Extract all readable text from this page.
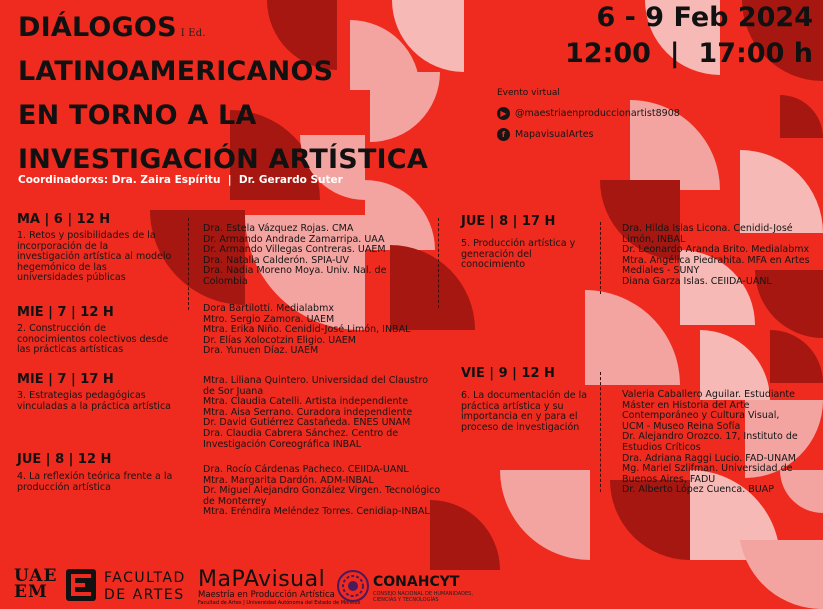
DIÁLOGOS $^{I Ed.}$
LATINOAMERICANOS
EN TORNO A LA
INVESTIGACIÓN ARTÍSTICA
6 - 9 Feb 2024
12:00  |  17:00 h
Evento virtual
▶ @maestriaenproduccionartist8908
f	MapavisualArtes
Coordinadorxs: Dra. Zaira Espíritu  |  Dr. Gerardo Suter
MA | 6 | 12 H
1. Retos y posibilidades de la
incorporación de la
investigación artística al modelo
hegemónico de las
universidades públicas
Dra. Estela Vázquez Rojas. CMA
Dr. Armando Andrade Zamarripa. UAA
Dr. Armando Villegas Contreras. UAEM
Dra. Natalia Calderón. SPIA-UV
Dra. Nadia Moreno Moya. Univ. Nal. de
Colombia
MIE | 7 | 12 H
2. Construcción de
conocimientos colectivos desde
las prácticas artísticas
Dora Bartilotti. Medialabmx
Mtro. Sergio Zamora. UAEM
Mtra. Erika Niño. Cenidid-José Limón, INBAL
Dr. Elías Xolocotzin Eligio. UAEM
Dra. Yunuen Díaz. UAEM
MIE | 7 | 17 H
3. Estrategias pedagógicas
vinculadas a la práctica artística
Mtra. Liliana Quintero. Universidad del Claustro
de Sor Juana
Mtra. Claudia Catelli. Artista independiente
Mtra. Aisa Serrano. Curadora independiente
Dr. David Gutiérrez Castañeda. ENES UNAM
Dra. Claudia Cabrera Sánchez. Centro de
Investigación Coreográfica INBAL
JUE | 8 | 12 H
4. La reflexión teórica frente a la
producción artística
Dra. Rocío Cárdenas Pacheco. CEIIDA-UANL
Mtra. Margarita Dardón. ADM-INBAL
Dr. Miguel Alejandro González Virgen. Tecnológico
de Monterrey
Mtra. Eréndira Meléndez Torres. Cenidiap-INBAL
JUE | 8 | 17 H
5. Producción artística y
generación del conocimiento
Dra. Hilda Islas Licona. Cenidid-José
Limón, INBAL
Dr. Leonardo Aranda Brito. Medialabmx
Mtra. Angélica Piedrahita. MFA en Artes
Mediales - SUNY
Diana Garza Islas. CEIIDA-UANL
VIE | 9 | 12 H
6. La documentación de la
práctica artística y su
importancia en y para el
proceso de investigación
Valeria Caballero Aguilar. Estudiante
Máster en Historia del Arte
Contemporáneo y Cultura Visual,
UCM - Museo Reina Sofía
Dr. Alejandro Orozco. 17, Instituto de
Estudios Críticos
Dra. Adriana Raggi Lucio. FAD-UNAM
Mg. Mariel Szlifman. Universidad de
Buenos Aires, FADU
Dr. Alberto López Cuenca. BUAP
UAE
EM
FACULTAD
DE ARTES
MaPAvisual
Maestría en Producción Artística
Facultad de Artes | Universidad Autónoma del Estado de Morelos
CONAHCYT
CONSEJO NACIONAL DE HUMANIDADES, CIENCIAS Y TECNOLOGÍAS
